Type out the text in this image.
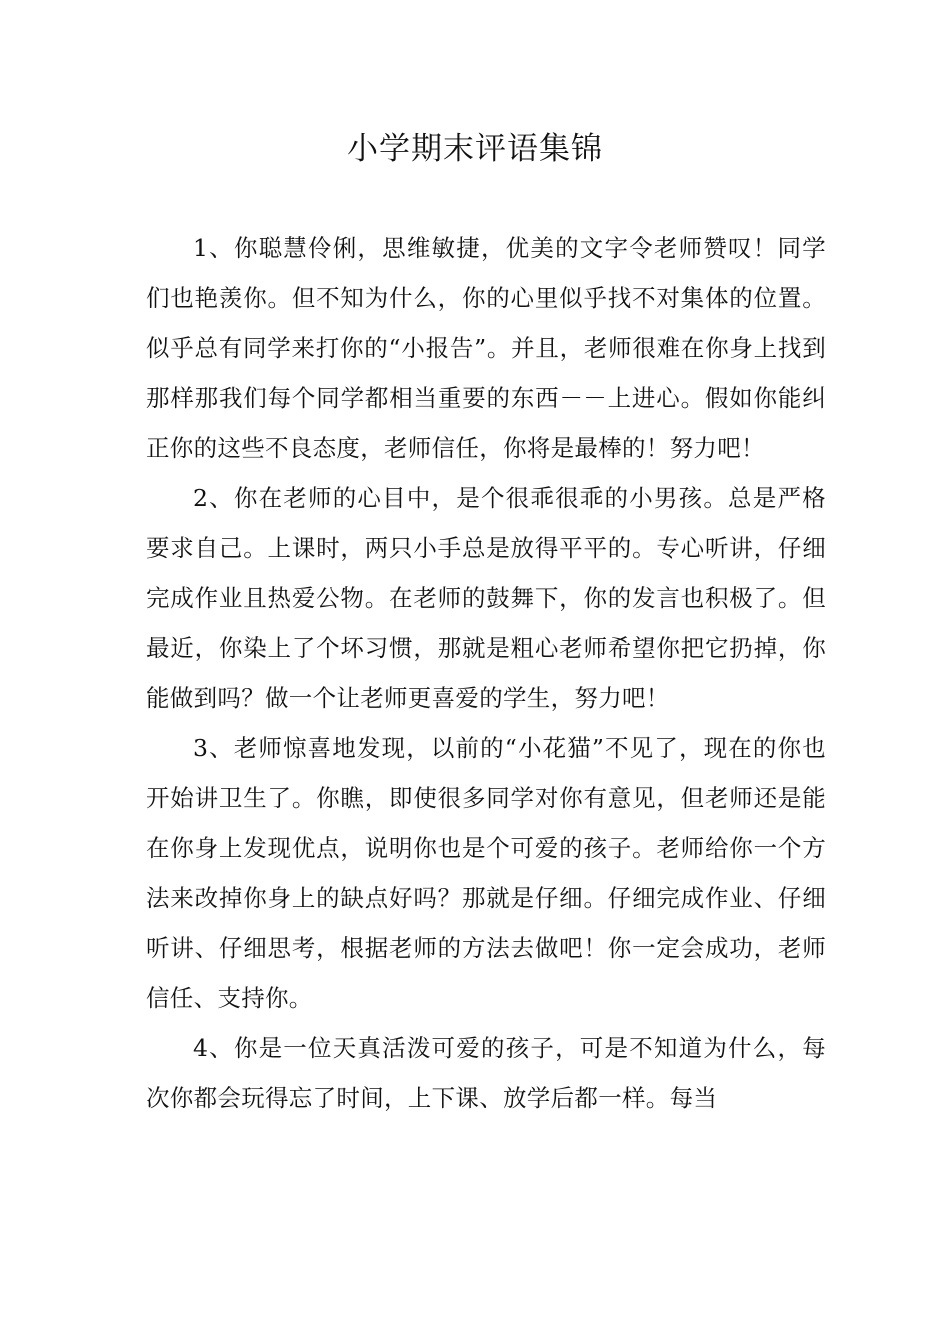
小学期末评语集锦

1、你聪慧伶俐，思维敏捷，优美的文字令老师赞叹！同学们也艳羡你。但不知为什么，你的心里似乎找不对集体的位置。似乎总有同学来打你的“小报告”。并且，老师很难在你身上找到那样那我们每个同学都相当重要的东西－－上进心。假如你能纠正你的这些不良态度，老师信任，你将是最棒的！努力吧！

2、你在老师的心目中，是个很乖很乖的小男孩。总是严格要求自己。上课时，两只小手总是放得平平的。专心听讲，仔细完成作业且热爱公物。在老师的鼓舞下，你的发言也积极了。但最近，你染上了个坏习惯，那就是粗心老师希望你把它扔掉，你能做到吗？做一个让老师更喜爱的学生，努力吧！

3、老师惊喜地发现，以前的“小花猫”不见了，现在的你也开始讲卫生了。你瞧，即使很多同学对你有意见，但老师还是能在你身上发现优点，说明你也是个可爱的孩子。老师给你一个方法来改掉你身上的缺点好吗？那就是仔细。仔细完成作业、仔细听讲、仔细思考，根据老师的方法去做吧！你一定会成功，老师信任、支持你。

4、你是一位天真活泼可爱的孩子，可是不知道为什么，每次你都会玩得忘了时间，上下课、放学后都一样。每当
